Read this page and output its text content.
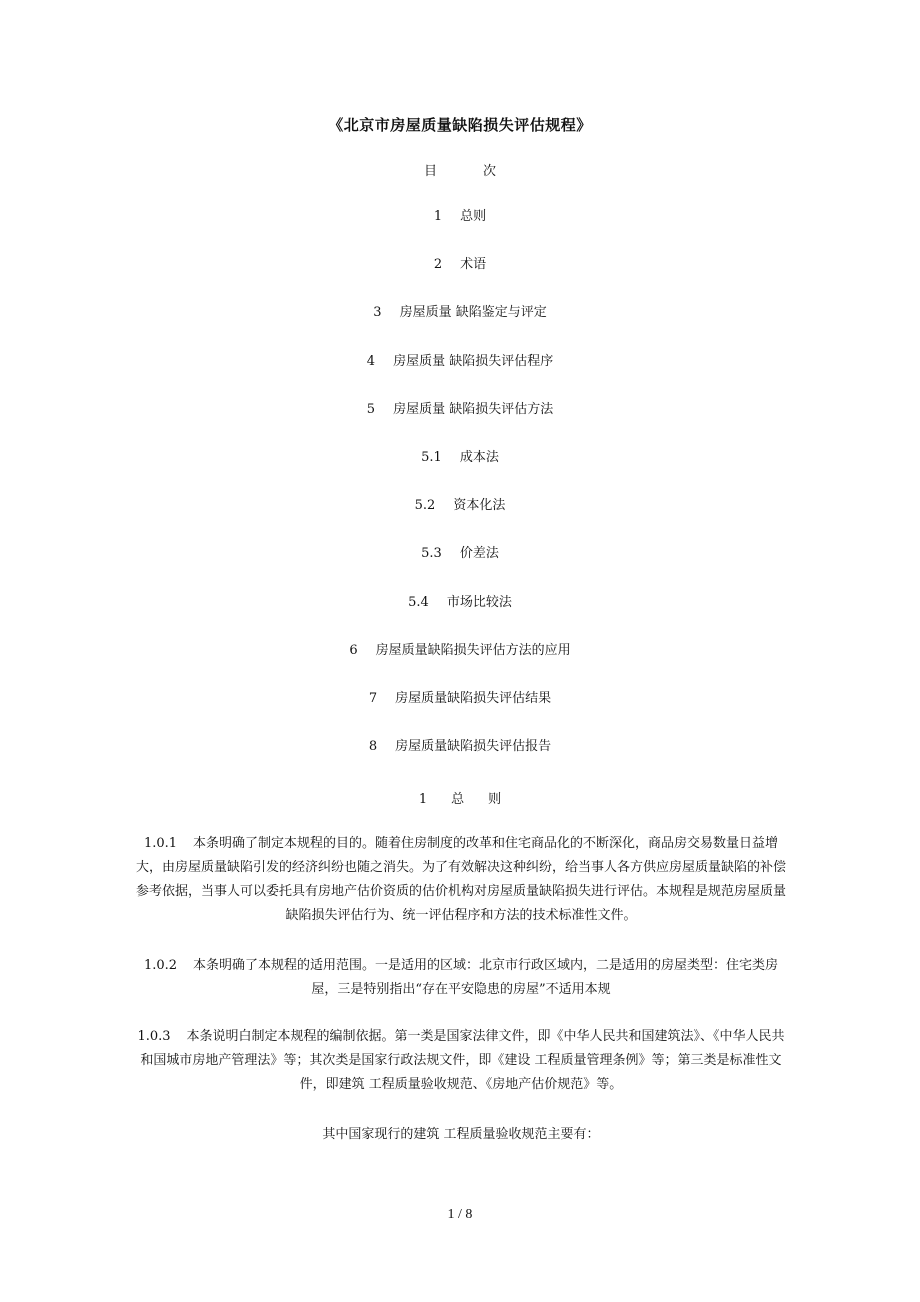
《北京市房屋质量缺陷损失评估规程》
目	次
1 总则
2 术语
3 房屋质量 缺陷鉴定与评定
4 房屋质量 缺陷损失评估程序
5 房屋质量 缺陷损失评估方法
5.1 成本法
5.2 资本化法
5.3 价差法
5.4 市场比较法
6 房屋质量缺陷损失评估方法的应用
7 房屋质量缺陷损失评估结果
8 房屋质量缺陷损失评估报告
1 总 则

1.0.1 本条明确了制定本规程的目的。随着住房制度的改革和住宅商品化的不断深化，商品房交易数量日益增大，由房屋质量缺陷引发的经济纠纷也随之消失。为了有效解决这种纠纷，给当事人各方供应房屋质量缺陷的补偿参考依据，当事人可以委托具有房地产估价资质的估价机构对房屋质量缺陷损失进行评估。本规程是规范房屋质量缺陷损失评估行为、统一评估程序和方法的技术标准性文件。

1.0.2 本条明确了本规程的适用范围。一是适用的区域：北京市行政区域内，二是适用的房屋类型：住宅类房屋，三是特别指出“存在平安隐患的房屋”不适用本规

1.0.3 本条说明白制定本规程的编制依据。第一类是国家法律文件，即《中华人民共和国建筑法》、《中华人民共和国城市房地产管理法》等；其次类是国家行政法规文件，即《建设 工程质量管理条例》等；第三类是标准性文件，即建筑 工程质量验收规范、《房地产估价规范》等。

其中国家现行的建筑 工程质量验收规范主要有：

1 / 8
